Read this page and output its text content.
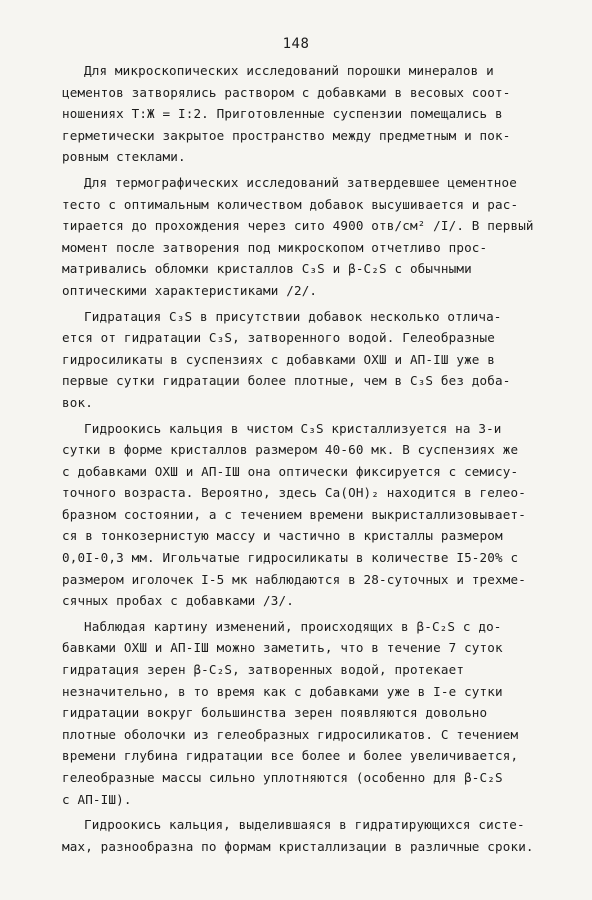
148
Для микроскопических исследований порошки минералов и
цементов затворялись раствором с добавками в весовых соот-
ношениях Т:Ж = I:2. Приготовленные суспензии помещались в
герметически закрытое пространство между предметным и пок-
ровным стеклами.
Для термографических исследований затвердевшее цементное
тесто с оптимальным количеством добавок высушивается и рас-
тирается до прохождения через сито 4900 отв/см² /I/. В первый
момент после затворения под микроскопом отчетливо прос-
матривались обломки кристаллов C₃S и β-C₂S с обычными
оптическими характеристиками /2/.
Гидратация C₃S в присутствии добавок несколько отлича-
ется от гидратации C₃S, затворенного водой. Гелеобразные
гидросиликаты в суспензиях с добавками ОХШ и АП-IШ уже в
первые сутки гидратации более плотные, чем в C₃S без доба-
вок.
Гидроокись кальция в чистом C₃S кристаллизуется на 3-и
сутки в форме кристаллов размером 40-60 мк. В суспензиях же
с добавками ОХШ и АП-IШ она оптически фиксируется с семису-
точного возраста. Вероятно, здесь Ca(OH)₂ находится в гелео-
бразном состоянии, а с течением времени выкристаллизовывает-
ся в тонкозернистую массу и частично в кристаллы размером
0,0I-0,3 мм. Игольчатые гидросиликаты в количестве I5-20% с
размером иголочек I-5 мк наблюдаются в 28-суточных и трехме-
сячных пробах с добавками /3/.
Наблюдая картину изменений, происходящих в β-C₂S с до-
бавками ОХШ и АП-IШ можно заметить, что в течение 7 суток
гидратация зерен β-C₂S, затворенных водой, протекает
незначительно, в то время как с добавками уже в I-е сутки
гидратации вокруг большинства зерен появляются довольно
плотные оболочки из гелеобразных гидросиликатов. С течением
времени глубина гидратации все более и более увеличивается,
гелеобразные массы сильно уплотняются (особенно для β-C₂S
с АП-IШ).
Гидроокись кальция, выделившаяся в гидратирующихся систе-
мах, разнообразна по формам кристаллизации в различные сроки.
